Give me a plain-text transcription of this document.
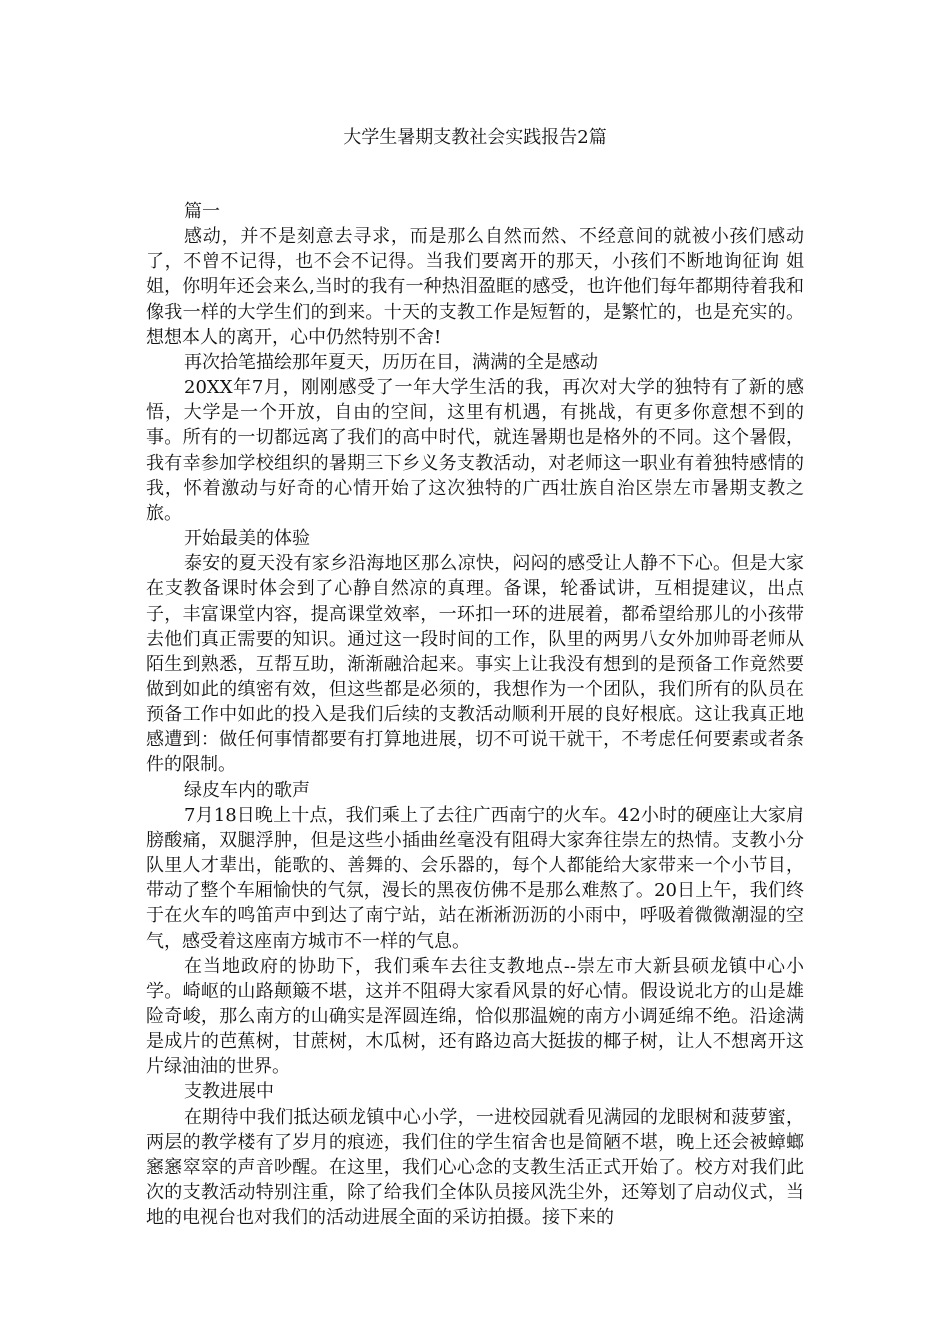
大学生暑期支教社会实践报告2篇

篇一

感动，并不是刻意去寻求，而是那么自然而然、不经意间的就被小孩们感动了，不曾不记得，也不会不记得。当我们要离开的那天，小孩们不断地询征询 姐姐，你明年还会来么,当时的我有一种热泪盈眶的感受，也许他们每年都期待着我和像我一样的大学生们的到来。十天的支教工作是短暂的，是繁忙的，也是充实的。想想本人的离开，心中仍然特别不舍!

再次拾笔描绘那年夏天，历历在目，满满的全是感动

20XX年7月，刚刚感受了一年大学生活的我，再次对大学的独特有了新的感悟，大学是一个开放，自由的空间，这里有机遇，有挑战，有更多你意想不到的事。所有的一切都远离了我们的高中时代，就连暑期也是格外的不同。这个暑假，我有幸参加学校组织的暑期三下乡义务支教活动，对老师这一职业有着独特感情的我，怀着激动与好奇的心情开始了这次独特的广西壮族自治区崇左市暑期支教之旅。

开始最美的体验

泰安的夏天没有家乡沿海地区那么凉快，闷闷的感受让人静不下心。但是大家在支教备课时体会到了心静自然凉的真理。备课，轮番试讲，互相提建议，出点子，丰富课堂内容，提高课堂效率，一环扣一环的进展着，都希望给那儿的小孩带去他们真正需要的知识。通过这一段时间的工作，队里的两男八女外加帅哥老师从陌生到熟悉，互帮互助，渐渐融洽起来。事实上让我没有想到的是预备工作竟然要做到如此的缜密有效，但这些都是必须的，我想作为一个团队，我们所有的队员在预备工作中如此的投入是我们后续的支教活动顺利开展的良好根底。这让我真正地感遭到：做任何事情都要有打算地进展，切不可说干就干，不考虑任何要素或者条件的限制。

绿皮车内的歌声

7月18日晚上十点，我们乘上了去往广西南宁的火车。42小时的硬座让大家肩膀酸痛，双腿浮肿，但是这些小插曲丝毫没有阻碍大家奔往崇左的热情。支教小分队里人才辈出，能歌的、善舞的、会乐器的，每个人都能给大家带来一个小节目，带动了整个车厢愉快的气氛，漫长的黑夜仿佛不是那么难熬了。20日上午，我们终于在火车的鸣笛声中到达了南宁站，站在淅淅沥沥的小雨中，呼吸着微微潮湿的空气，感受着这座南方城市不一样的气息。

在当地政府的协助下，我们乘车去往支教地点--崇左市大新县硕龙镇中心小学。崎岖的山路颠簸不堪，这并不阻碍大家看风景的好心情。假设说北方的山是雄险奇峻，那么南方的山确实是浑圆连绵，恰似那温婉的南方小调延绵不绝。沿途满是成片的芭蕉树，甘蔗树，木瓜树，还有路边高大挺拔的椰子树，让人不想离开这片绿油油的世界。

支教进展中

在期待中我们抵达硕龙镇中心小学，一进校园就看见满园的龙眼树和菠萝蜜，两层的教学楼有了岁月的痕迹，我们住的学生宿舍也是简陋不堪，晚上还会被蟑螂窸窸窣窣的声音吵醒。在这里，我们心心念的支教生活正式开始了。校方对我们此次的支教活动特别注重，除了给我们全体队员接风洗尘外，还筹划了启动仪式，当地的电视台也对我们的活动进展全面的采访拍摄。接下来的
